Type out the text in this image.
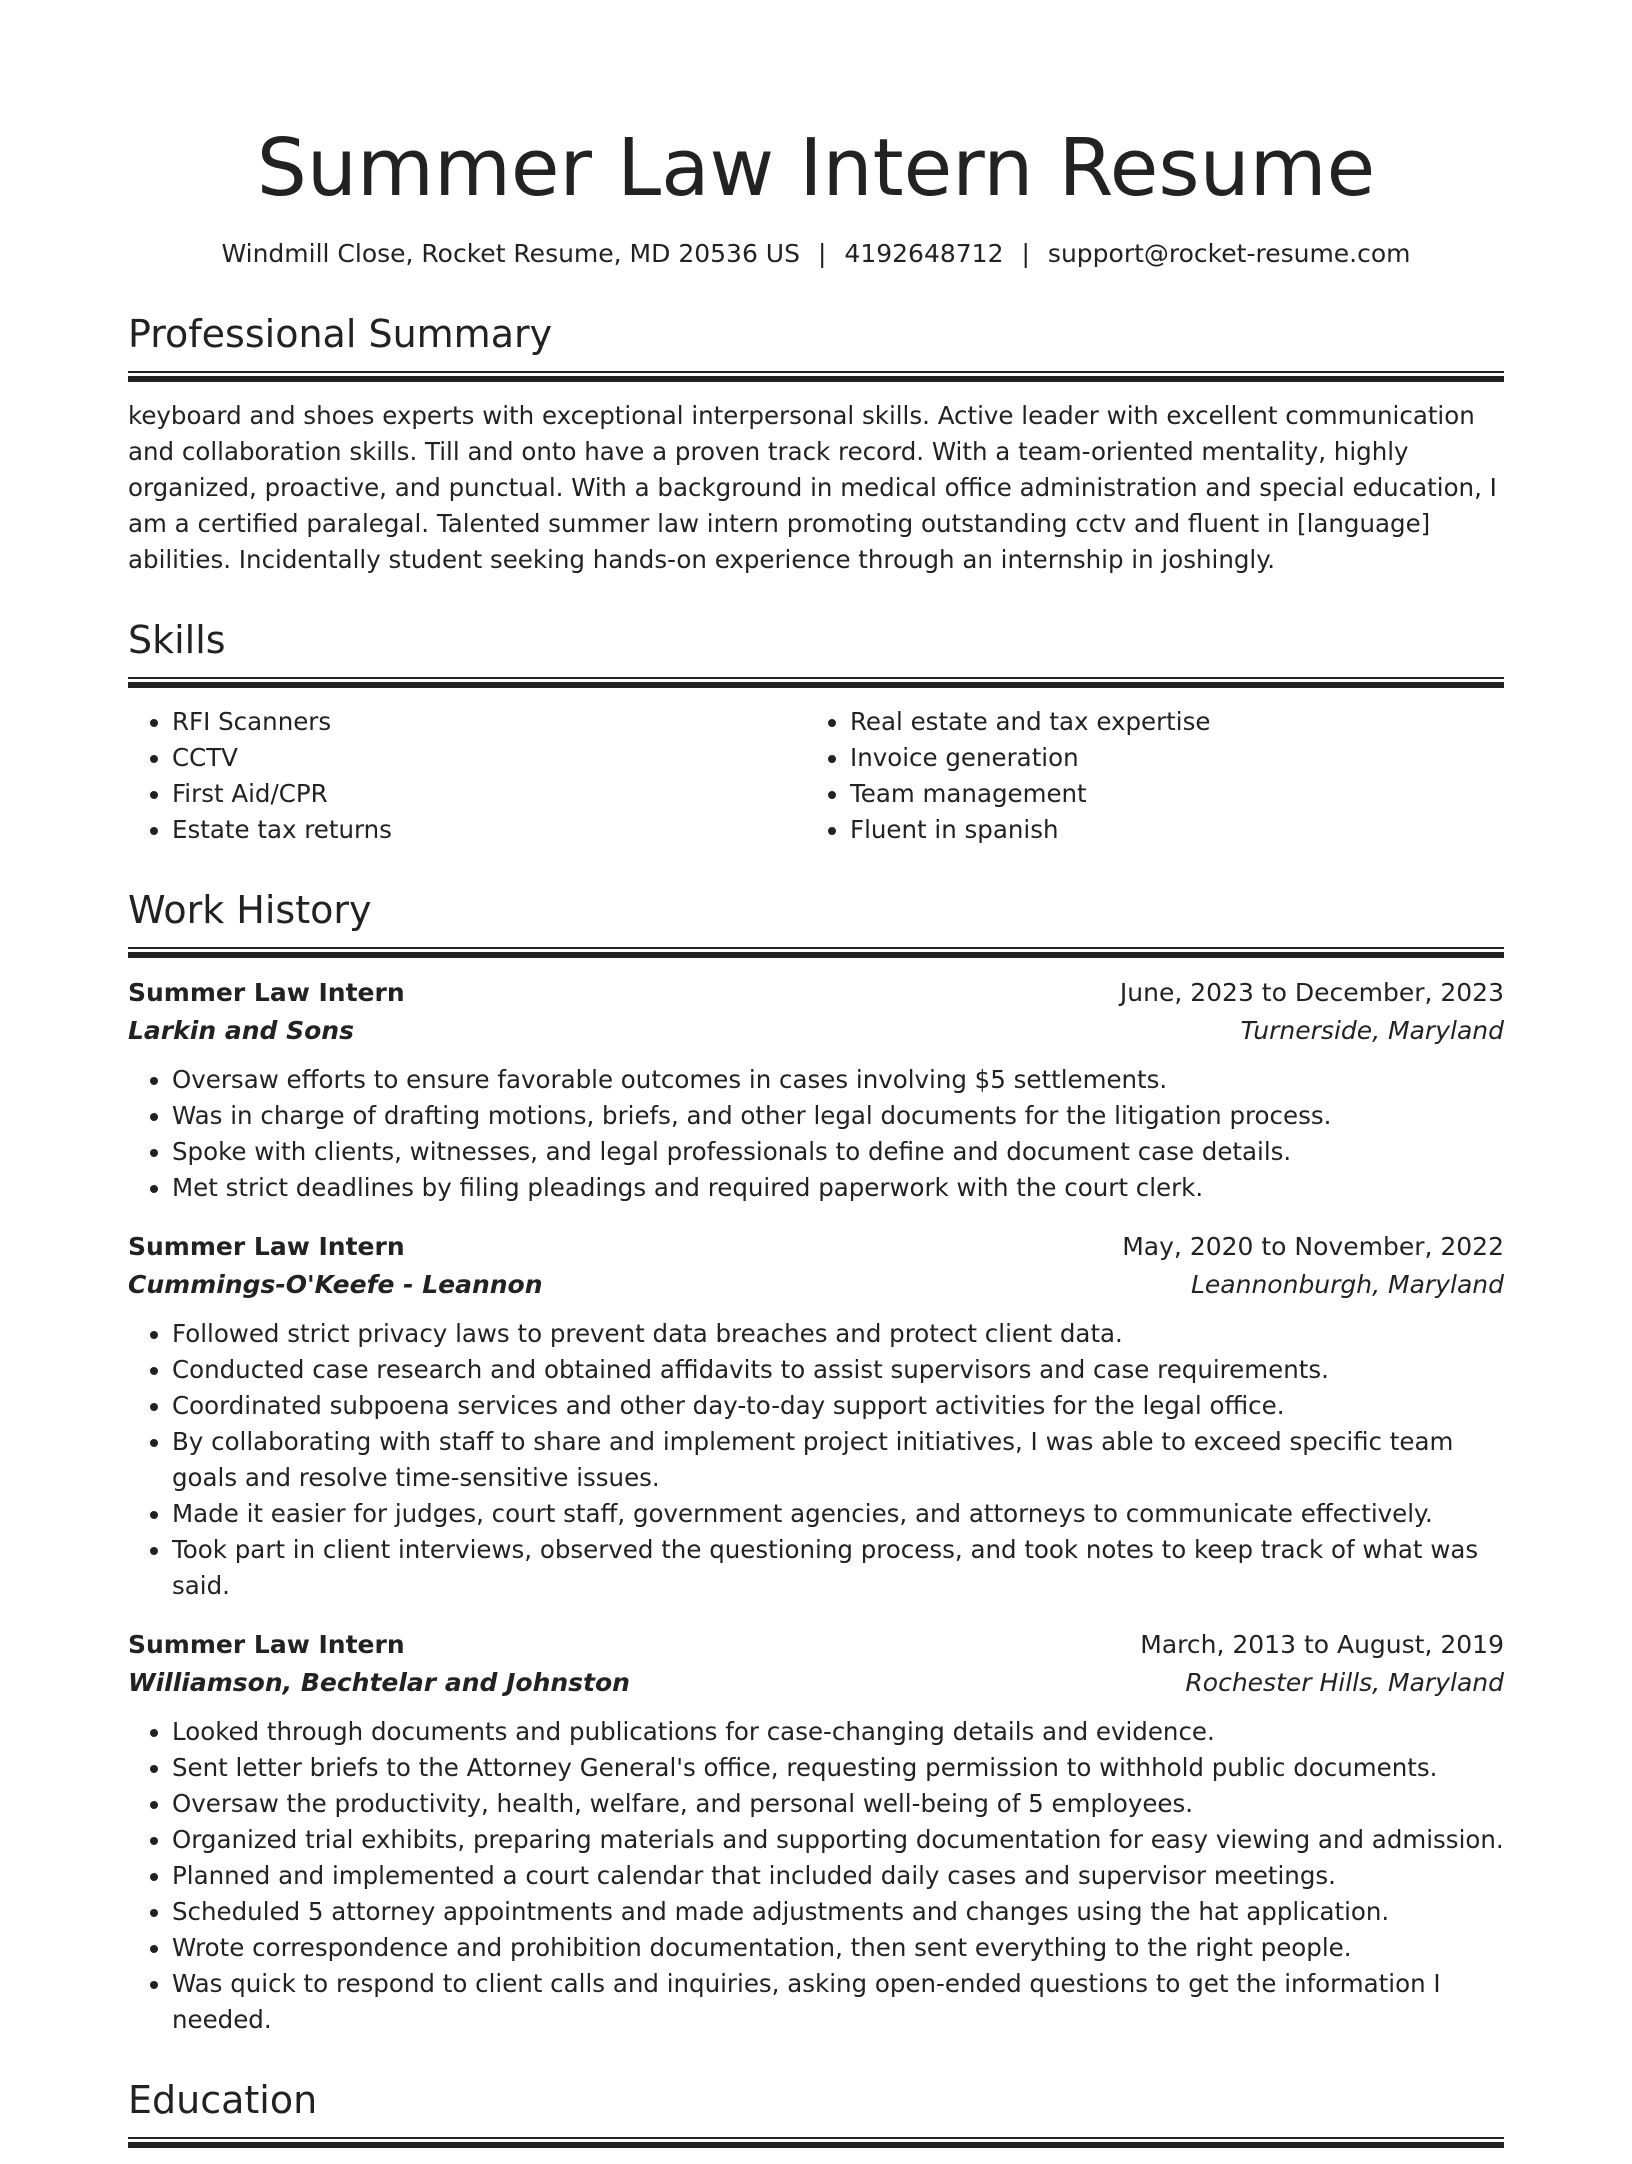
Summer Law Intern Resume
Windmill Close, Rocket Resume, MD 20536 US | 4192648712 | support@rocket-resume.com
Professional Summary

keyboard and shoes experts with exceptional interpersonal skills. Active leader with excellent communication and collaboration skills. Till and onto have a proven track record. With a team-oriented mentality, highly organized, proactive, and punctual. With a background in medical office administration and special education, I am a certified paralegal. Talented summer law intern promoting outstanding cctv and fluent in [language] abilities. Incidentally student seeking hands-on experience through an internship in joshingly.

Skills
• RFI Scanners
• CCTV
• First Aid/CPR
• Estate tax returns
• Real estate and tax expertise
• Invoice generation
• Team management
• Fluent in spanish
Work History
Summer Law Intern	June, 2023 to December, 2023
Larkin and Sons	Turnerside, Maryland
• Oversaw efforts to ensure favorable outcomes in cases involving $5 settlements.
• Was in charge of drafting motions, briefs, and other legal documents for the litigation process.
• Spoke with clients, witnesses, and legal professionals to define and document case details.
• Met strict deadlines by filing pleadings and required paperwork with the court clerk.
Summer Law Intern	May, 2020 to November, 2022
Cummings-O'Keefe - Leannon	Leannonburgh, Maryland
• Followed strict privacy laws to prevent data breaches and protect client data.
• Conducted case research and obtained affidavits to assist supervisors and case requirements.
• Coordinated subpoena services and other day-to-day support activities for the legal office.
• By collaborating with staff to share and implement project initiatives, I was able to exceed specific team goals and resolve time-sensitive issues.
• Made it easier for judges, court staff, government agencies, and attorneys to communicate effectively.
• Took part in client interviews, observed the questioning process, and took notes to keep track of what was said.
Summer Law Intern	March, 2013 to August, 2019
Williamson, Bechtelar and Johnston	Rochester Hills, Maryland
• Looked through documents and publications for case-changing details and evidence.
• Sent letter briefs to the Attorney General's office, requesting permission to withhold public documents.
• Oversaw the productivity, health, welfare, and personal well-being of 5 employees.
• Organized trial exhibits, preparing materials and supporting documentation for easy viewing and admission.
• Planned and implemented a court calendar that included daily cases and supervisor meetings.
• Scheduled 5 attorney appointments and made adjustments and changes using the hat application.
• Wrote correspondence and prohibition documentation, then sent everything to the right people.
• Was quick to respond to client calls and inquiries, asking open-ended questions to get the information I needed.
Education
